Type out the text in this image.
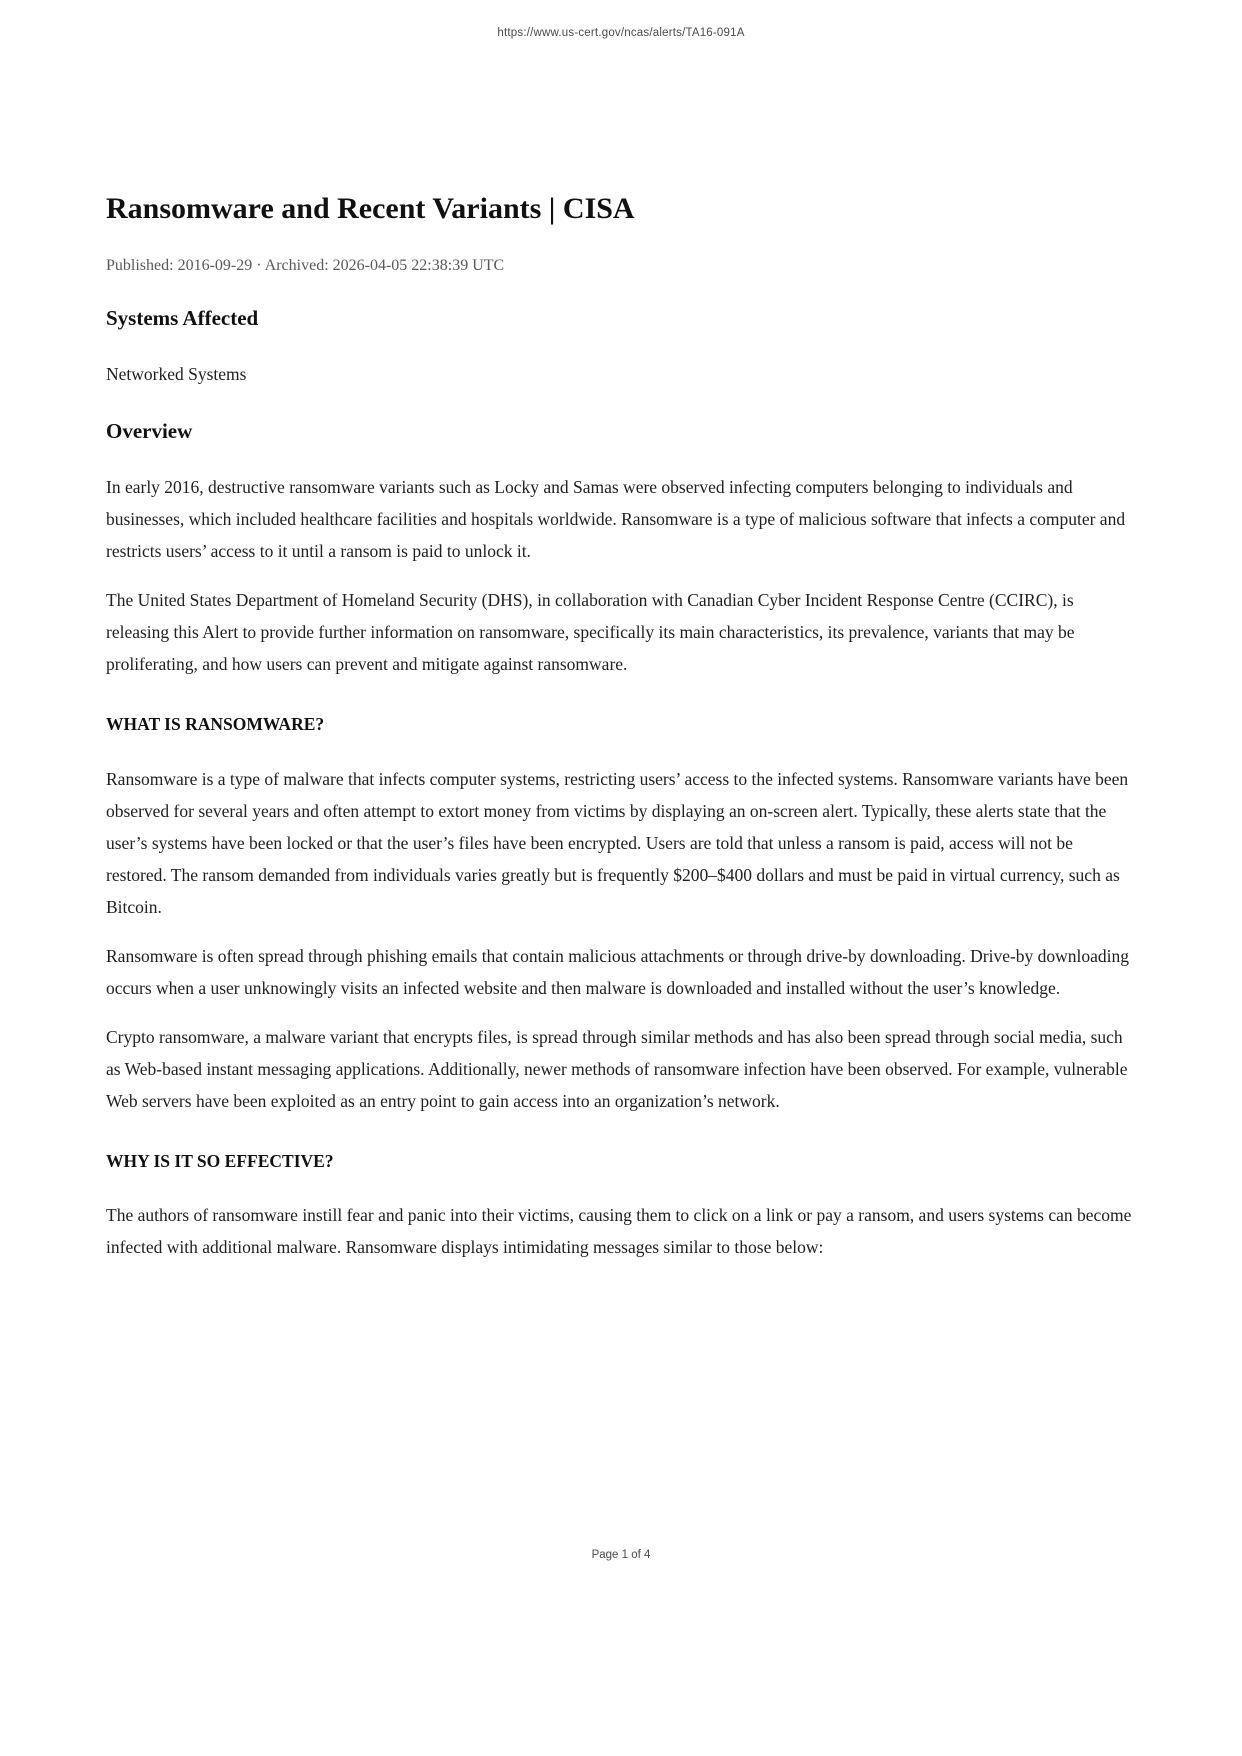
https://www.us-cert.gov/ncas/alerts/TA16-091A
Ransomware and Recent Variants | CISA
Published: 2016-09-29 · Archived: 2026-04-05 22:38:39 UTC
Systems Affected

Networked Systems

Overview

In early 2016, destructive ransomware variants such as Locky and Samas were observed infecting computers belonging to individuals and businesses, which included healthcare facilities and hospitals worldwide. Ransomware is a type of malicious software that infects a computer and restricts users’ access to it until a ransom is paid to unlock it.

The United States Department of Homeland Security (DHS), in collaboration with Canadian Cyber Incident Response Centre (CCIRC), is releasing this Alert to provide further information on ransomware, specifically its main characteristics, its prevalence, variants that may be proliferating, and how users can prevent and mitigate against ransomware.

WHAT IS RANSOMWARE?

Ransomware is a type of malware that infects computer systems, restricting users’ access to the infected systems. Ransomware variants have been observed for several years and often attempt to extort money from victims by displaying an on-screen alert. Typically, these alerts state that the user’s systems have been locked or that the user’s files have been encrypted. Users are told that unless a ransom is paid, access will not be restored. The ransom demanded from individuals varies greatly but is frequently $200–$400 dollars and must be paid in virtual currency, such as Bitcoin.

Ransomware is often spread through phishing emails that contain malicious attachments or through drive-by downloading. Drive-by downloading occurs when a user unknowingly visits an infected website and then malware is downloaded and installed without the user’s knowledge.

Crypto ransomware, a malware variant that encrypts files, is spread through similar methods and has also been spread through social media, such as Web-based instant messaging applications. Additionally, newer methods of ransomware infection have been observed. For example, vulnerable Web servers have been exploited as an entry point to gain access into an organization’s network.

WHY IS IT SO EFFECTIVE?

The authors of ransomware instill fear and panic into their victims, causing them to click on a link or pay a ransom, and users systems can become infected with additional malware. Ransomware displays intimidating messages similar to those below:

Page 1 of 4
